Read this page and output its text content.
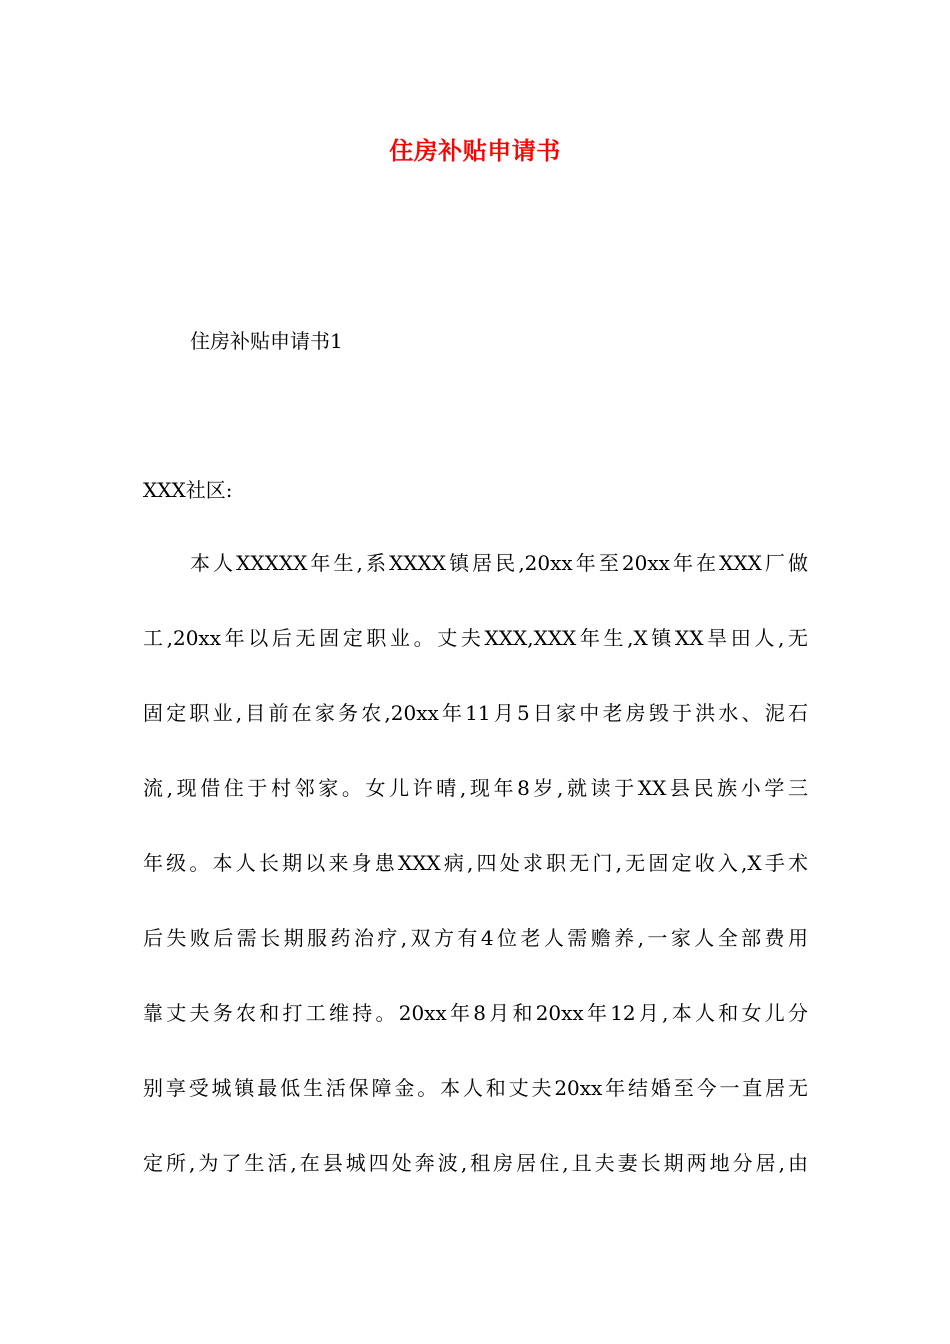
住房补贴申请书
住房补贴申请书1
XXX社区:
本人XXXXX年生,系XXXX镇居民,20xx年至20xx年在XXX厂做
工,20xx年以后无固定职业。丈夫XXX,XXX年生,X镇XX旱田人,无
固定职业,目前在家务农,20xx年11月5日家中老房毁于洪水、泥石
流,现借住于村邻家。女儿许晴,现年8岁,就读于XX县民族小学三
年级。本人长期以来身患XXX病,四处求职无门,无固定收入,X手术
后失败后需长期服药治疗,双方有4位老人需赡养,一家人全部费用
靠丈夫务农和打工维持。20xx年8月和20xx年12月,本人和女儿分
别享受城镇最低生活保障金。本人和丈夫20xx年结婚至今一直居无
定所,为了生活,在县城四处奔波,租房居住,且夫妻长期两地分居,由
